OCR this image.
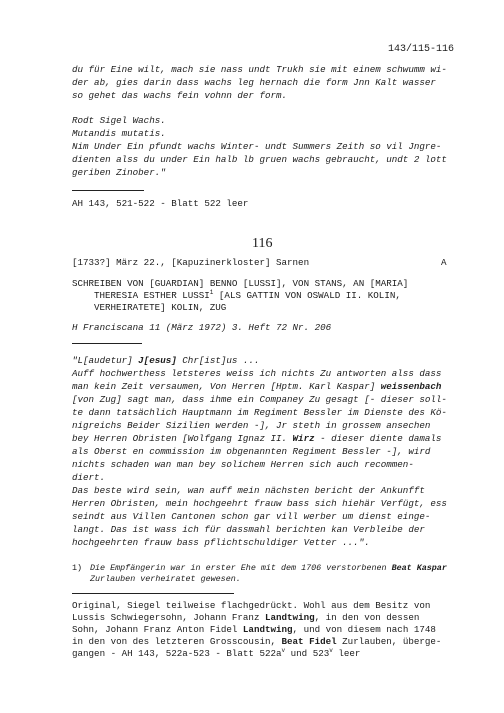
143/115-116
du für Eine wilt, mach sie nass undt Trukh sie mit einem schwumm wi-
der ab, gies darin dass wachs leg hernach die form Jnn Kalt wasser
so gehet das wachs fein vohnn der form.
Rodt Sigel Wachs.
Mutandis mutatis.
Nim Under Ein pfundt wachs Winter- undt Summers Zeith so vil Jngre-
dienten alss du under Ein halb lb gruen wachs gebraucht, undt 2 lott
geriben Zinober."
AH 143, 521-522 - Blatt 522 leer
116
[1733?] März 22., [Kapuzinerkloster] Sarnen	A
SCHREIBEN VON [GUARDIAN] BENNO [LUSSI], VON STANS, AN [MARIA]
THERESIA ESTHER LUSSI$^1$ [ALS GATTIN VON OSWALD II. KOLIN,
VERHEIRATETE] KOLIN, ZUG
H Franciscana 11 (März 1972) 3. Heft 72 Nr. 206
"L[audetur] J[esus] Chr[ist]us ...
Auff hochwerthess letsteres weiss ich nichts Zu antworten alss dass
man kein Zeit versaumen, Von Herren [Hptm. Karl Kaspar] weissenbach
[von Zug] sagt man, dass ihme ein Companey Zu gesagt [- dieser soll-
te dann tatsächlich Hauptmann im Regiment Bessler im Dienste des Kö-
nigreichs Beider Sizilien werden -], Jr steth in grossem ansechen
bey Herren Obristen [Wolfgang Ignaz II. Wirz - dieser diente damals
als Oberst en commission im obgenannten Regiment Bessler -], wird
nichts schaden wan man bey solichem Herren sich auch recommen-
diert.
Das beste wird sein, wan auff mein nächsten bericht der Ankunfft
Herren Obristen, mein hochgeehrt frauw bass sich hiehär Verfügt, ess
seindt aus Villen Cantonen schon gar vill werber um dienst einge-
langt. Das ist wass ich für dassmahl berichten kan Verbleibe der
hochgeehrten frauw bass pflichtschuldiger Vetter ...".
1) Die Empfängerin war in erster Ehe mit dem 1706 verstorbenen Beat Kaspar
Zurlauben verheiratet gewesen.
Original, Siegel teilweise flachgedrückt. Wohl aus dem Besitz von
Lussis Schwiegersohn, Johann Franz Landtwing, in den von dessen
Sohn, Johann Franz Anton Fidel Landtwing, und von diesem nach 1748
in den von des letzteren Grosscousin, Beat Fidel Zurlauben, übergе-
gangen - AH 143, 522a-523 - Blatt $522a^v$ und 523$^v$ leer
